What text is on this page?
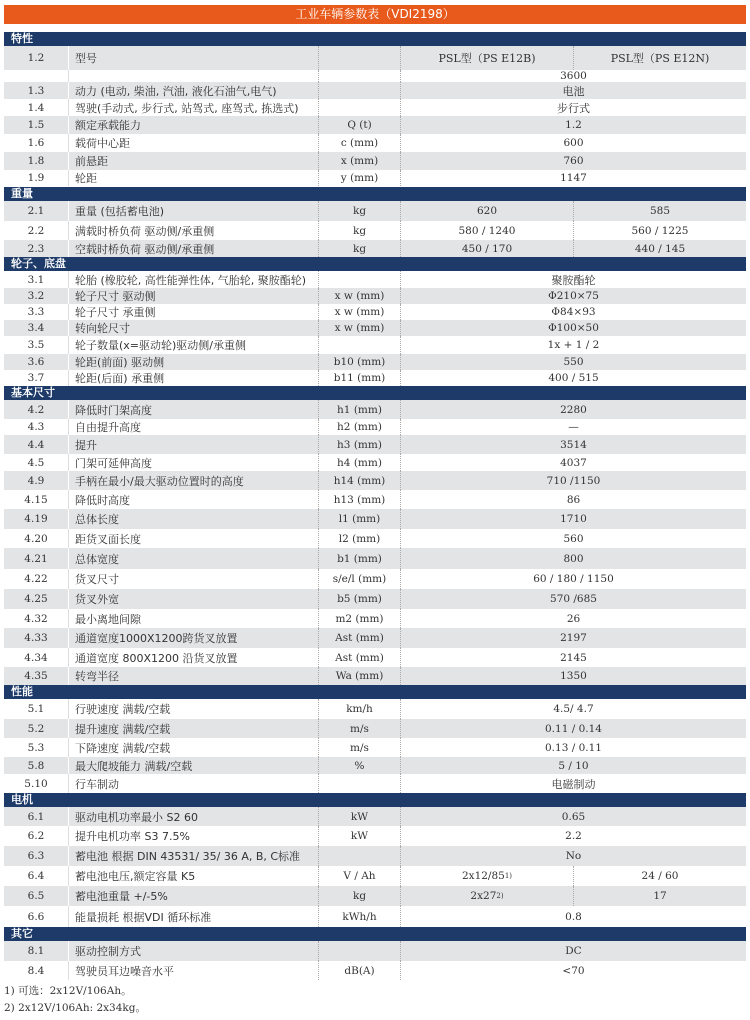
工业车辆参数表（VDI2198）
特性
1.2	型号	PSL型（PS E12B)	PSL型（PS E12N)
3600
1.3	动力 (电动, 柴油, 汽油, 液化石油气,电气)	电池
1.4	驾驶(手动式, 步行式, 站驾式, 座驾式, 拣选式)	步行式
1.5	额定承载能力	Q (t)	1.2
1.6	载荷中心距	c (mm)	600
1.8	前悬距	x (mm)	760
1.9	轮距	y (mm)	1147
重量
2.1	重量 (包括蓄电池)	kg	620	585
2.2	满载时桥负荷 驱动侧/承重侧	kg	580 / 1240	560 / 1225
2.3	空载时桥负荷 驱动侧/承重侧	kg	450 / 170	440 / 145
轮子、底盘
3.1	轮胎 (橡胶轮, 高性能弹性体, 气胎轮, 聚胺酯轮)	聚胺酯轮
3.2	轮子尺寸 驱动侧	x w (mm)	Φ210×75
3.3	轮子尺寸 承重侧	x w (mm)	Φ84×93
3.4	转向轮尺寸	x w (mm)	Φ100×50
3.5	轮子数量(x=驱动轮)驱动侧/承重侧	1x + 1 / 2
3.6	轮距(前面) 驱动侧	b10 (mm)	550
3.7	轮距(后面) 承重侧	b11 (mm)	400 / 515
基本尺寸
4.2	降低时门架高度	h1 (mm)	2280
4.3	自由提升高度	h2 (mm)	—
4.4	提升	h3 (mm)	3514
4.5	门架可延伸高度	h4 (mm)	4037
4.9	手柄在最小/最大驱动位置时的高度	h14 (mm)	710 /1150
4.15	降低时高度	h13 (mm)	86
4.19	总体长度	l1 (mm)	1710
4.20	距货叉面长度	l2 (mm)	560
4.21	总体宽度	b1 (mm)	800
4.22	货叉尺寸	s/e/l (mm)	60 / 180 / 1150
4.25	货叉外宽	b5 (mm)	570 /685
4.32	最小离地间隙	m2 (mm)	26
4.33	通道宽度1000X1200跨货叉放置	Ast (mm)	2197
4.34	通道宽度 800X1200 沿货叉放置	Ast (mm)	2145
4.35	转弯半径	Wa (mm)	1350
性能
5.1	行驶速度 满载/空载	km/h	4.5/ 4.7
5.2	提升速度 满载/空载	m/s	0.11 / 0.14
5.3	下降速度 满载/空载	m/s	0.13 / 0.11
5.8	最大爬坡能力 满载/空载	%	5 / 10
5.10	行车制动	电磁制动
电机
6.1	驱动电机功率最小 S2 60	kW	0.65
6.2	提升电机功率 S3 7.5%	kW	2.2
6.3	蓄电池 根据 DIN 43531/ 35/ 36 A, B, C标准	No
6.4	蓄电池电压,额定容量 K5	V / Ah	2x12/85 1)	24 / 60
6.5	蓄电池重量 +/-5%	kg	2x27 2)	17
6.6	能量损耗 根据VDI 循环标准	kWh/h	0.8
其它
8.1	驱动控制方式	DC
8.4	驾驶员耳边噪音水平	dB(A)	<70
1) 可选：2x12V/106Ah。
2) 2x12V/106Ah: 2x34kg。
